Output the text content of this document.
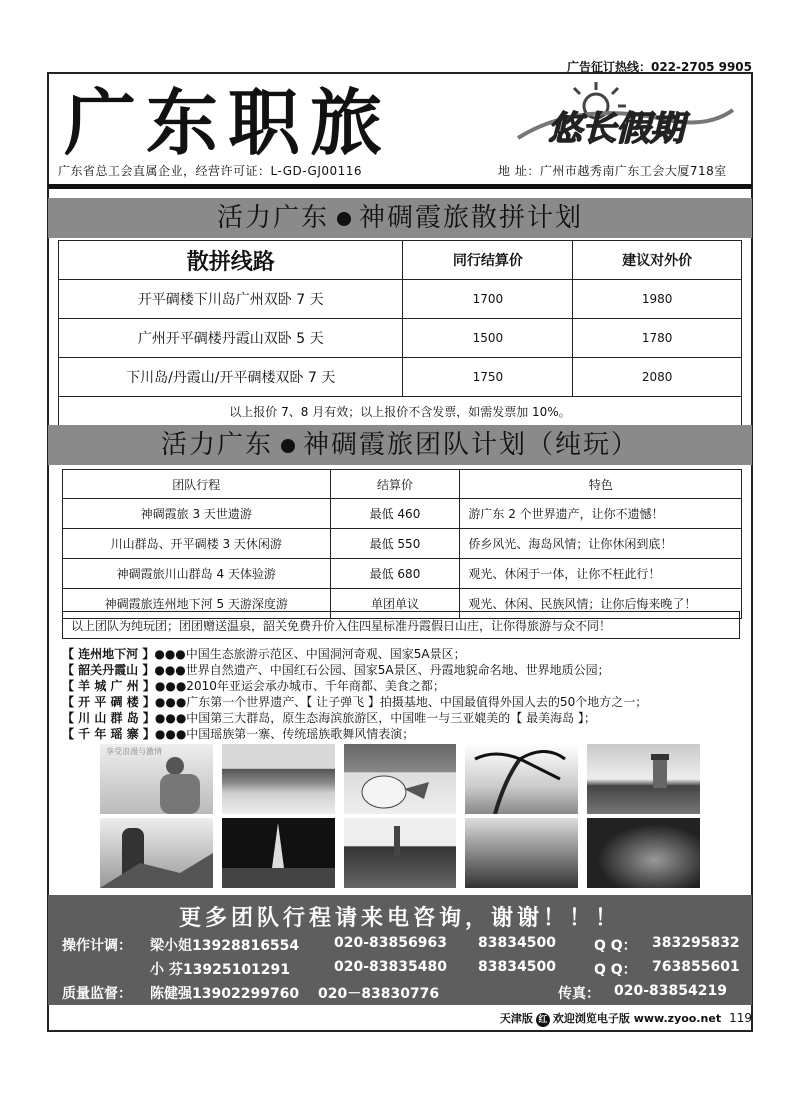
广告征订热线：022-2705 9905
广东职旅	悠长假期
广东省总工会直属企业，经营许可证：L-GD-GJ00116	地 址：广州市越秀南广东工会大厦718室
活力广东 神碉霞旅散拼计划
散拼线路	同行结算价	建议对外价
开平碉楼下川岛广州双卧 7 天	1700	1980
广州开平碉楼丹霞山双卧 5 天	1500	1780
下川岛/丹霞山/开平碉楼双卧 7 天	1750	2080
以上报价 7、8 月有效；以上报价不含发票，如需发票加 10%。		
活力广东 神碉霞旅团队计划（纯玩）
团队行程	结算价	特色
神碉霞旅 3 天世遗游	最低 460	游广东 2 个世界遗产，让你不遗憾！
川山群岛、开平碉楼 3 天休闲游	最低 550	侨乡风光、海岛风情；让你休闲到底！
神碉霞旅川山群岛 4 天体验游	最低 680	观光、休闲于一体，让你不枉此行！
神碉霞旅连州地下河 5 天游深度游	单团单议	观光、休闲、民族风情；让你后悔来晚了！
以上团队为纯玩团；团团赠送温泉，韶关免费升价入住四星标准丹霞假日山庄，让你得旅游与众不同！
【 连州地下河 】●●●中国生态旅游示范区、中国洞河奇观、国家5A景区；
【 韶关丹霞山 】●●●世界自然遗产、中国红石公园、国家5A景区、丹霞地貌命名地、世界地质公园；
【 羊 城 广 州 】●●●2010年亚运会承办城市、千年商都、美食之都；
【 开 平 碉 楼 】●●●广东第一个世界遗产、【 让子弹飞 】拍摄基地、中国最值得外国人去的50个地方之一；
【 川 山 群 岛 】●●●中国第三大群岛，原生态海滨旅游区，中国唯一与三亚媲美的【 最美海岛 】；
【 千 年 瑶 寨 】●●●中国瑶族第一寨、传统瑶族歌舞风情表演；
享受浪漫与激情
更多团队行程请来电咨询，谢谢！！！
操作计调： 梁小姐13928816554 020-83856963 83834500	Q Q： 383295832
小 芬13925101291	020-83835480 83834500	Q Q： 763855601
质量监督： 陈健强13902299760 020－83830776	传真： 020-83854219
天津版 红 欢迎浏览电子版 www.zyoo.net 119
